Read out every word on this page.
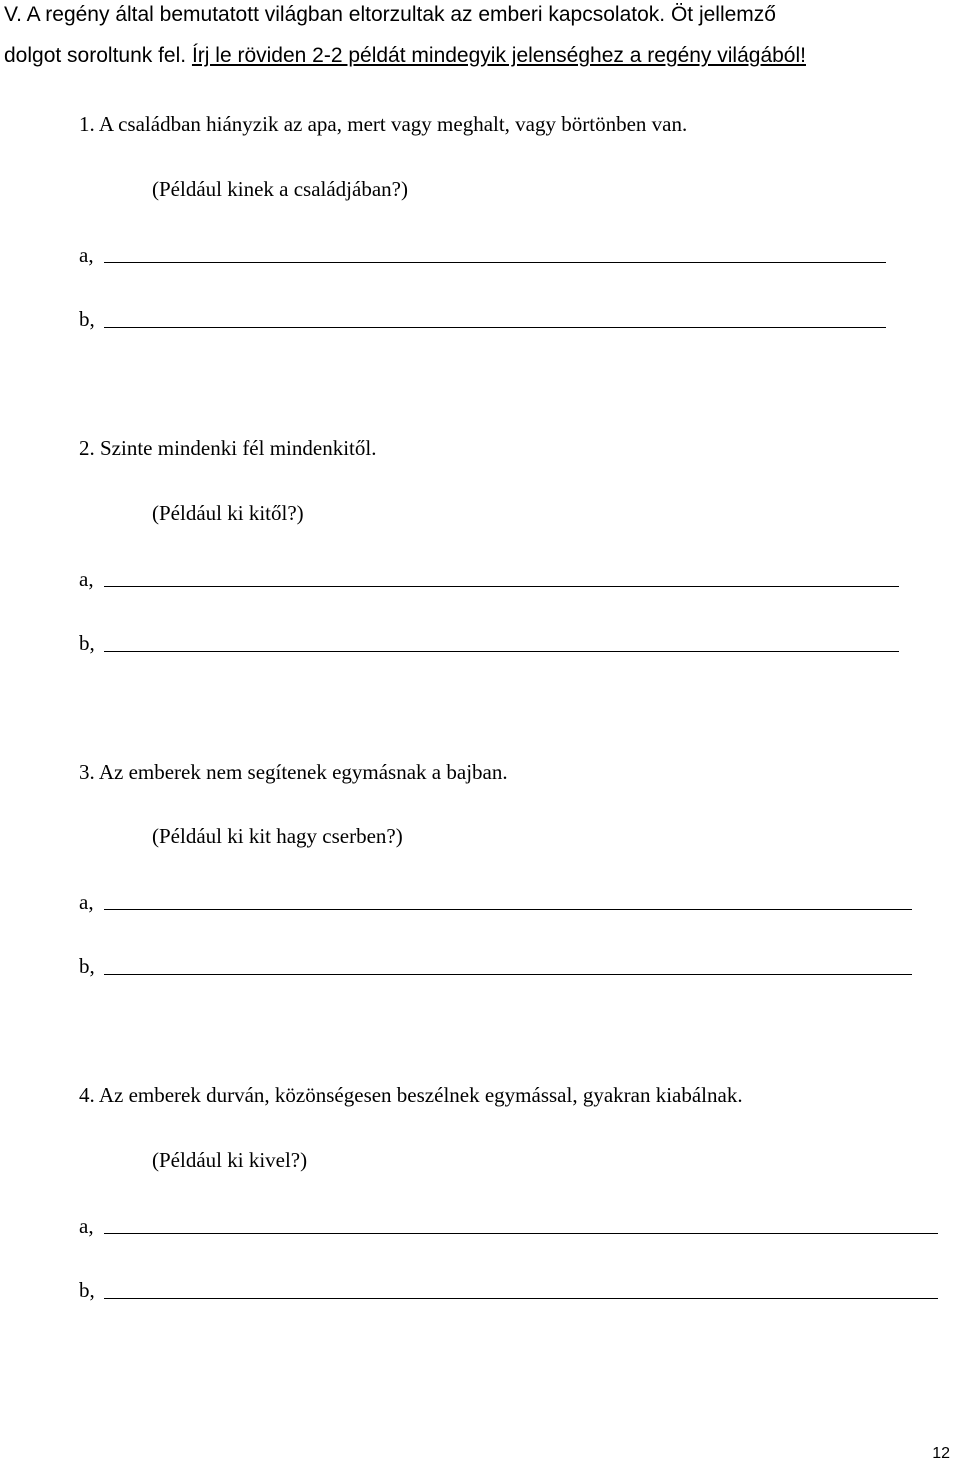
V. A regény által bemutatott világban eltorzultak az emberi kapcsolatok. Öt jellemző
dolgot soroltunk fel. Írj le röviden 2-2 példát mindegyik jelenséghez a regény világából!
1. A családban hiányzik az apa, mert vagy meghalt, vagy börtönben van.
(Például kinek a családjában?)
a,
b,
2. Szinte mindenki fél mindenkitől.
(Például ki kitől?)
a,
b,
3. Az emberek nem segítenek egymásnak a bajban.
(Például ki kit hagy cserben?)
a,
b,
4. Az emberek durván, közönségesen beszélnek egymással, gyakran kiabálnak.
(Például ki kivel?)
a,
b,
12
